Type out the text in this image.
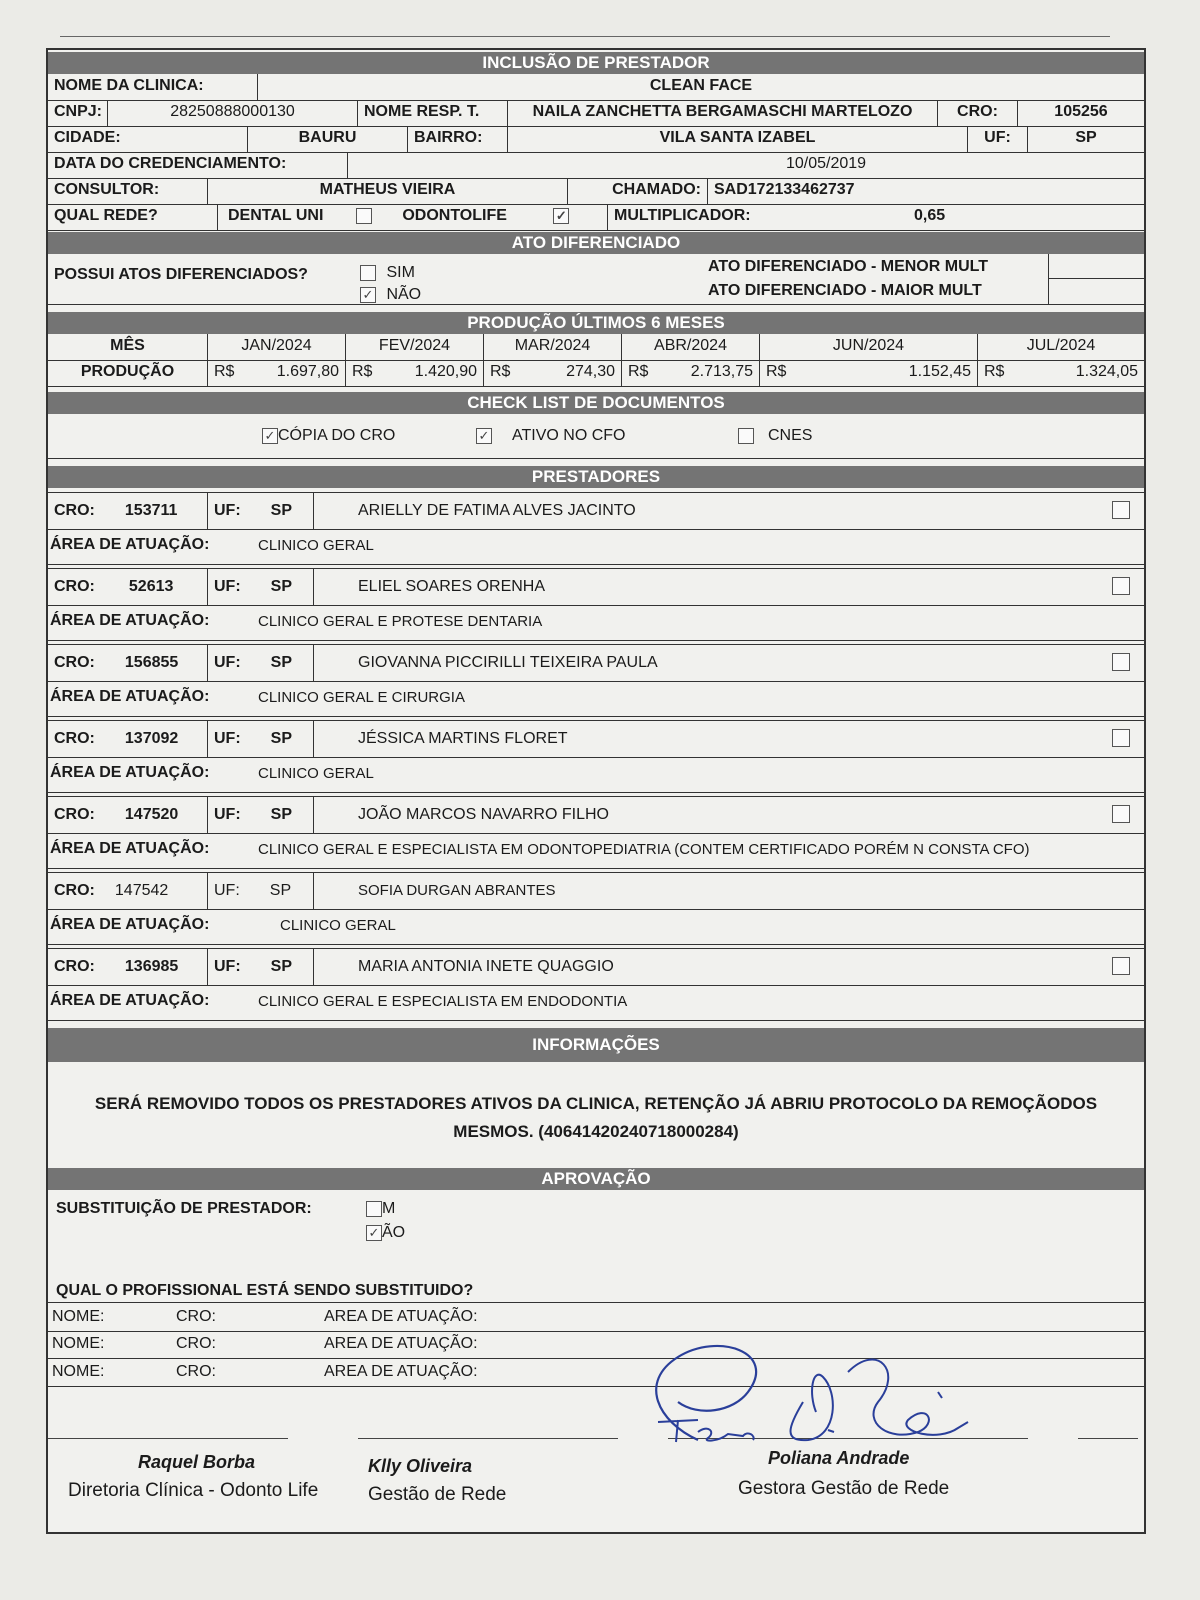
INCLUSÃO DE PRESTADOR
NOME DA CLINICA:	CLEAN FACE
CNPJ:	28250888000130	NOME RESP. T.	NAILA ZANCHETTA BERGAMASCHI MARTELOZO	CRO:	105256
CIDADE:	BAURU	BAIRRO:	VILA SANTA IZABEL	UF:	SP
DATA DO CREDENCIAMENTO:	10/05/2019
CONSULTOR:	MATHEUS VIEIRA	CHAMADO: SAD172133462737
QUAL REDE?	DENTAL UNI	ODONTOLIFE ✓	MULTIPLICADOR:	0,65
ATO DIFERENCIADO
POSSUI ATOS DIFERENCIADOS?	SIM
✓ NÃO
ATO DIFERENCIADO - MENOR MULT
ATO DIFERENCIADO - MAIOR MULT
PRODUÇÃO ÚLTIMOS 6 MESES
MÊS	JAN/2024	FEV/2024	MAR/2024	ABR/2024	JUN/2024	JUL/2024
PRODUÇÃO	R$	1.697,80 R$	1.420,90 R$	274,30 R$	2.713,75 R$	1.152,45 R$	1.324,05
CHECK LIST DE DOCUMENTOS
✓CÓPIA DO CRO ✓	ATIVO NO CFO	CNES
PRESTADORES
CRO: 153711	UF: SP	ARIELLY DE FATIMA ALVES JACINTO
ÁREA DE ATUAÇÃO:	CLINICO GERAL
CRO: 52613	UF: SP	ELIEL SOARES ORENHA
ÁREA DE ATUAÇÃO:	CLINICO GERAL E PROTESE DENTARIA
CRO: 156855	UF: SP	GIOVANNA PICCIRILLI TEIXEIRA PAULA
ÁREA DE ATUAÇÃO:	CLINICO GERAL E CIRURGIA
CRO: 137092	UF: SP	JÉSSICA MARTINS FLORET
ÁREA DE ATUAÇÃO:	CLINICO GERAL
CRO: 147520	UF: SP	JOÃO MARCOS NAVARRO FILHO
ÁREA DE ATUAÇÃO:	CLINICO GERAL E ESPECIALISTA EM ODONTOPEDIATRIA (CONTEM CERTIFICADO PORÉM N CONSTA CFO)
CRO: 147542	UF: SP	SOFIA DURGAN ABRANTES
ÁREA DE ATUAÇÃO:	CLINICO GERAL
CRO: 136985	UF: SP	MARIA ANTONIA INETE QUAGGIO
ÁREA DE ATUAÇÃO:	CLINICO GERAL E ESPECIALISTA EM ENDODONTIA
INFORMAÇÕES
SERÁ REMOVIDO TODOS OS PRESTADORES ATIVOS DA CLINICA, RETENÇÃO JÁ ABRIU PROTOCOLO DA REMOÇÃODOS
MESMOS. (40641420240718000284)
APROVAÇÃO
SUBSTITUIÇÃO DE PRESTADOR:	M
✓ÃO
QUAL O PROFISSIONAL ESTÁ SENDO SUBSTITUIDO?
NOME:	CRO:	AREA DE ATUAÇÃO:
NOME:	CRO:	AREA DE ATUAÇÃO:
NOME:	CRO:	AREA DE ATUAÇÃO:
Raquel Borba
Diretoria Clínica - Odonto Life
Klly Oliveira
Gestão de Rede
Poliana Andrade
Gestora Gestão de Rede
